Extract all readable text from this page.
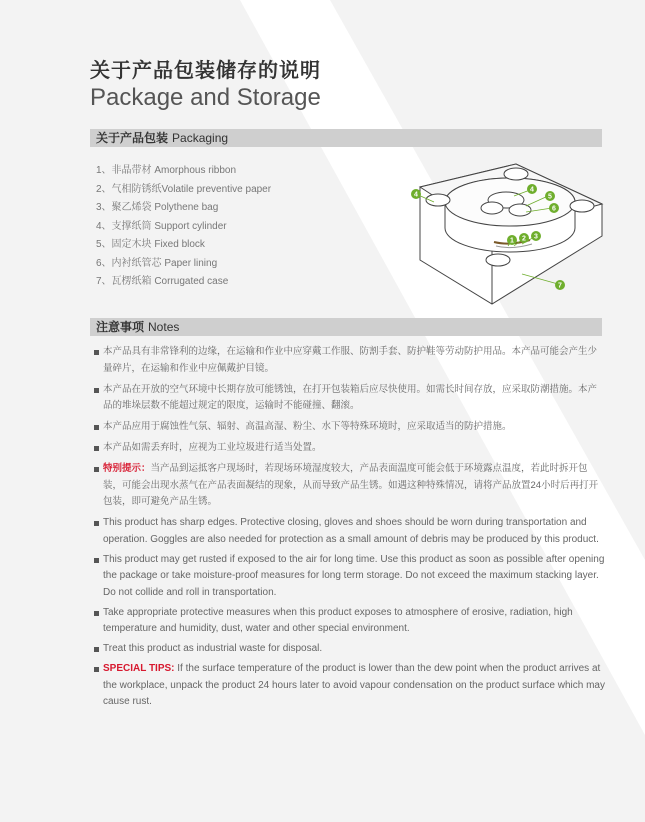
关于产品包装储存的说明
Package and Storage
关于产品包装 Packaging
1、非晶带材 Amorphous ribbon
2、气相防锈纸Volatile preventive paper
3、聚乙烯袋 Polythene bag
4、支撑纸筒 Support cylinder
5、固定木块 Fixed block
6、内衬纸管芯 Paper lining
7、瓦楞纸箱 Corrugated case
4
4
5
6
1 2 3
7
注意事项 Notes
本产品具有非常锋利的边缘，在运输和作业中应穿戴工作服、防割手套、防护鞋等劳动防护用品。本产品可能会产生少量碎片，在运输和作业中应佩戴护目镜。
本产品在开放的空气环境中长期存放可能锈蚀，在打开包装箱后应尽快使用。如需长时间存放，应采取防潮措施。本产品的堆垛层数不能超过规定的限度，运输时不能碰撞、翻滚。
本产品应用于腐蚀性气氛、辐射、高温高湿、粉尘、水下等特殊环境时，应采取适当的防护措施。
本产品如需丢弃时，应视为工业垃圾进行适当处置。
特别提示：当产品到运抵客户现场时，若现场环境湿度较大，产品表面温度可能会低于环境露点温度，若此时拆开包装，可能会出现水蒸气在产品表面凝结的现象，从而导致产品生锈。如遇这种特殊情况，请将产品放置24小时后再打开包装，即可避免产品生锈。
This product has sharp edges. Protective closing, gloves and shoes should be worn during transportation and operation. Goggles are also needed for protection as a small amount of debris may be produced by this product.
This product may get rusted if exposed to the air for long time. Use this product as soon as possible after opening the package or take moisture-proof measures for long term storage. Do not exceed the maximum stacking layer. Do not collide and roll in transportation.
Take appropriate protective measures when this product exposes to atmosphere of erosive, radiation, high temperature and humidity, dust, water and other special environment.
Treat this product as industrial waste for disposal.
SPECIAL TIPS: If the surface temperature of the product is lower than the dew point when the product arrives at the workplace, unpack the product 24 hours later to avoid vapour condensation on the product surface which may cause rust.
